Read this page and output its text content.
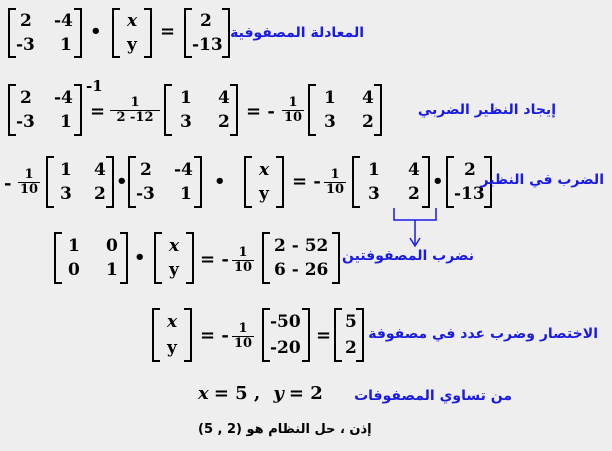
2 -4
-3 1
• x
y
= 2
-13
المعادلة المصفوفية
2 -4
-3 1
-1
= $\frac{1}{2 -12} 1$ 4
3 2 = - $\frac{1}{10} 1$ 4
3 2
إيجاد النظير الضربي
- $\frac{1}{10} 1$ 4
3 2
•
2 -4
-3 1
•
x
y
= - $\frac{1}{10} 1$ 4
3 2
•
2
-13
الضرب في النظير
1 0
0 1
•
x
y = - $\frac{1}{10} 2 - 52$
6 - 26
نضرب المصفوفتين
x
y
= - $\frac{1}{10} -50$
-20
=
5
2
الاختصار وضرب عدد في مصفوفة
x = 5 , y = 2 من تساوي المصفوفات
إذن ، حل النظام هو (2 , 5)
